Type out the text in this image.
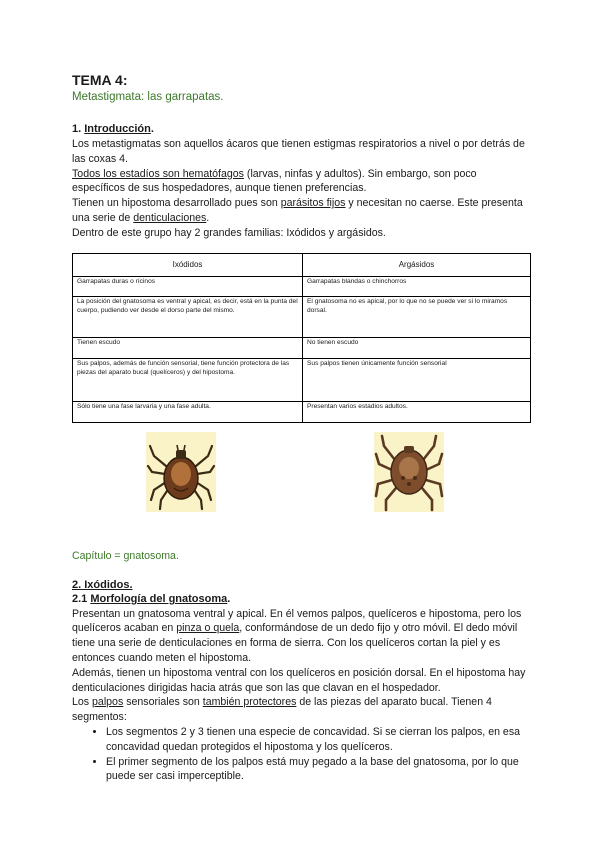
TEMA 4:
Metastigmata: las garrapatas.
1. Introducción.

Los metastigmatas son aquellos ácaros que tienen estigmas respiratorios a nivel o por detrás de las coxas 4.

Todos los estadíos son hematófagos (larvas, ninfas y adultos). Sin embargo, son poco específicos de sus hospedadores, aunque tienen preferencias.

Tienen un hipostoma desarrollado pues son parásitos fijos y necesitan no caerse. Este presenta una serie de denticulaciones.

Dentro de este grupo hay 2 grandes familias: Ixódidos y argásidos.

Ixódidos	Argásidos
Garrapatas duras o rícinos	Garrapatas blandas o chinchorros
La posición del gnatosoma es ventral y apical, es decir, está en la punta del cuerpo, pudiendo ver desde el dorso parte del mismo.	El gnatosoma no es apical, por lo que no se puede ver si lo miramos dorsal.
Tienen escudo	No tienen escudo
Sus palpos, además de función sensorial, tiene función protectora de las piezas del aparato bucal (quelíceros) y del hipostoma.	Sus palpos tienen únicamente función sensorial
Sólo tiene una fase larvaria y una fase adulta.	Presentan varios estadios adultos.
Capítulo = gnatosoma.
2. Ixódidos.
2.1 Morfología del gnatosoma.

Presentan un gnatosoma ventral y apical. En él vemos palpos, quelíceros e hipostoma, pero los quelíceros acaban en pinza o quela, conformándose de un dedo fijo y otro móvil. El dedo móvil tiene una serie de denticulaciones en forma de sierra. Con los quelíceros cortan la piel y es entonces cuando meten el hipostoma.

Además, tienen un hipostoma ventral con los quelíceros en posición dorsal. En el hipostoma hay denticulaciones dirigidas hacia atrás que son las que clavan en el hospedador.

Los palpos sensoriales son también protectores de las piezas del aparato bucal. Tienen 4 segmentos:

• Los segmentos 2 y 3 tienen una especie de concavidad. Si se cierran los palpos, en esa concavidad quedan protegidos el hipostoma y los quelíceros.
• El primer segmento de los palpos está muy pegado a la base del gnatosoma, por lo que puede ser casi imperceptible.
